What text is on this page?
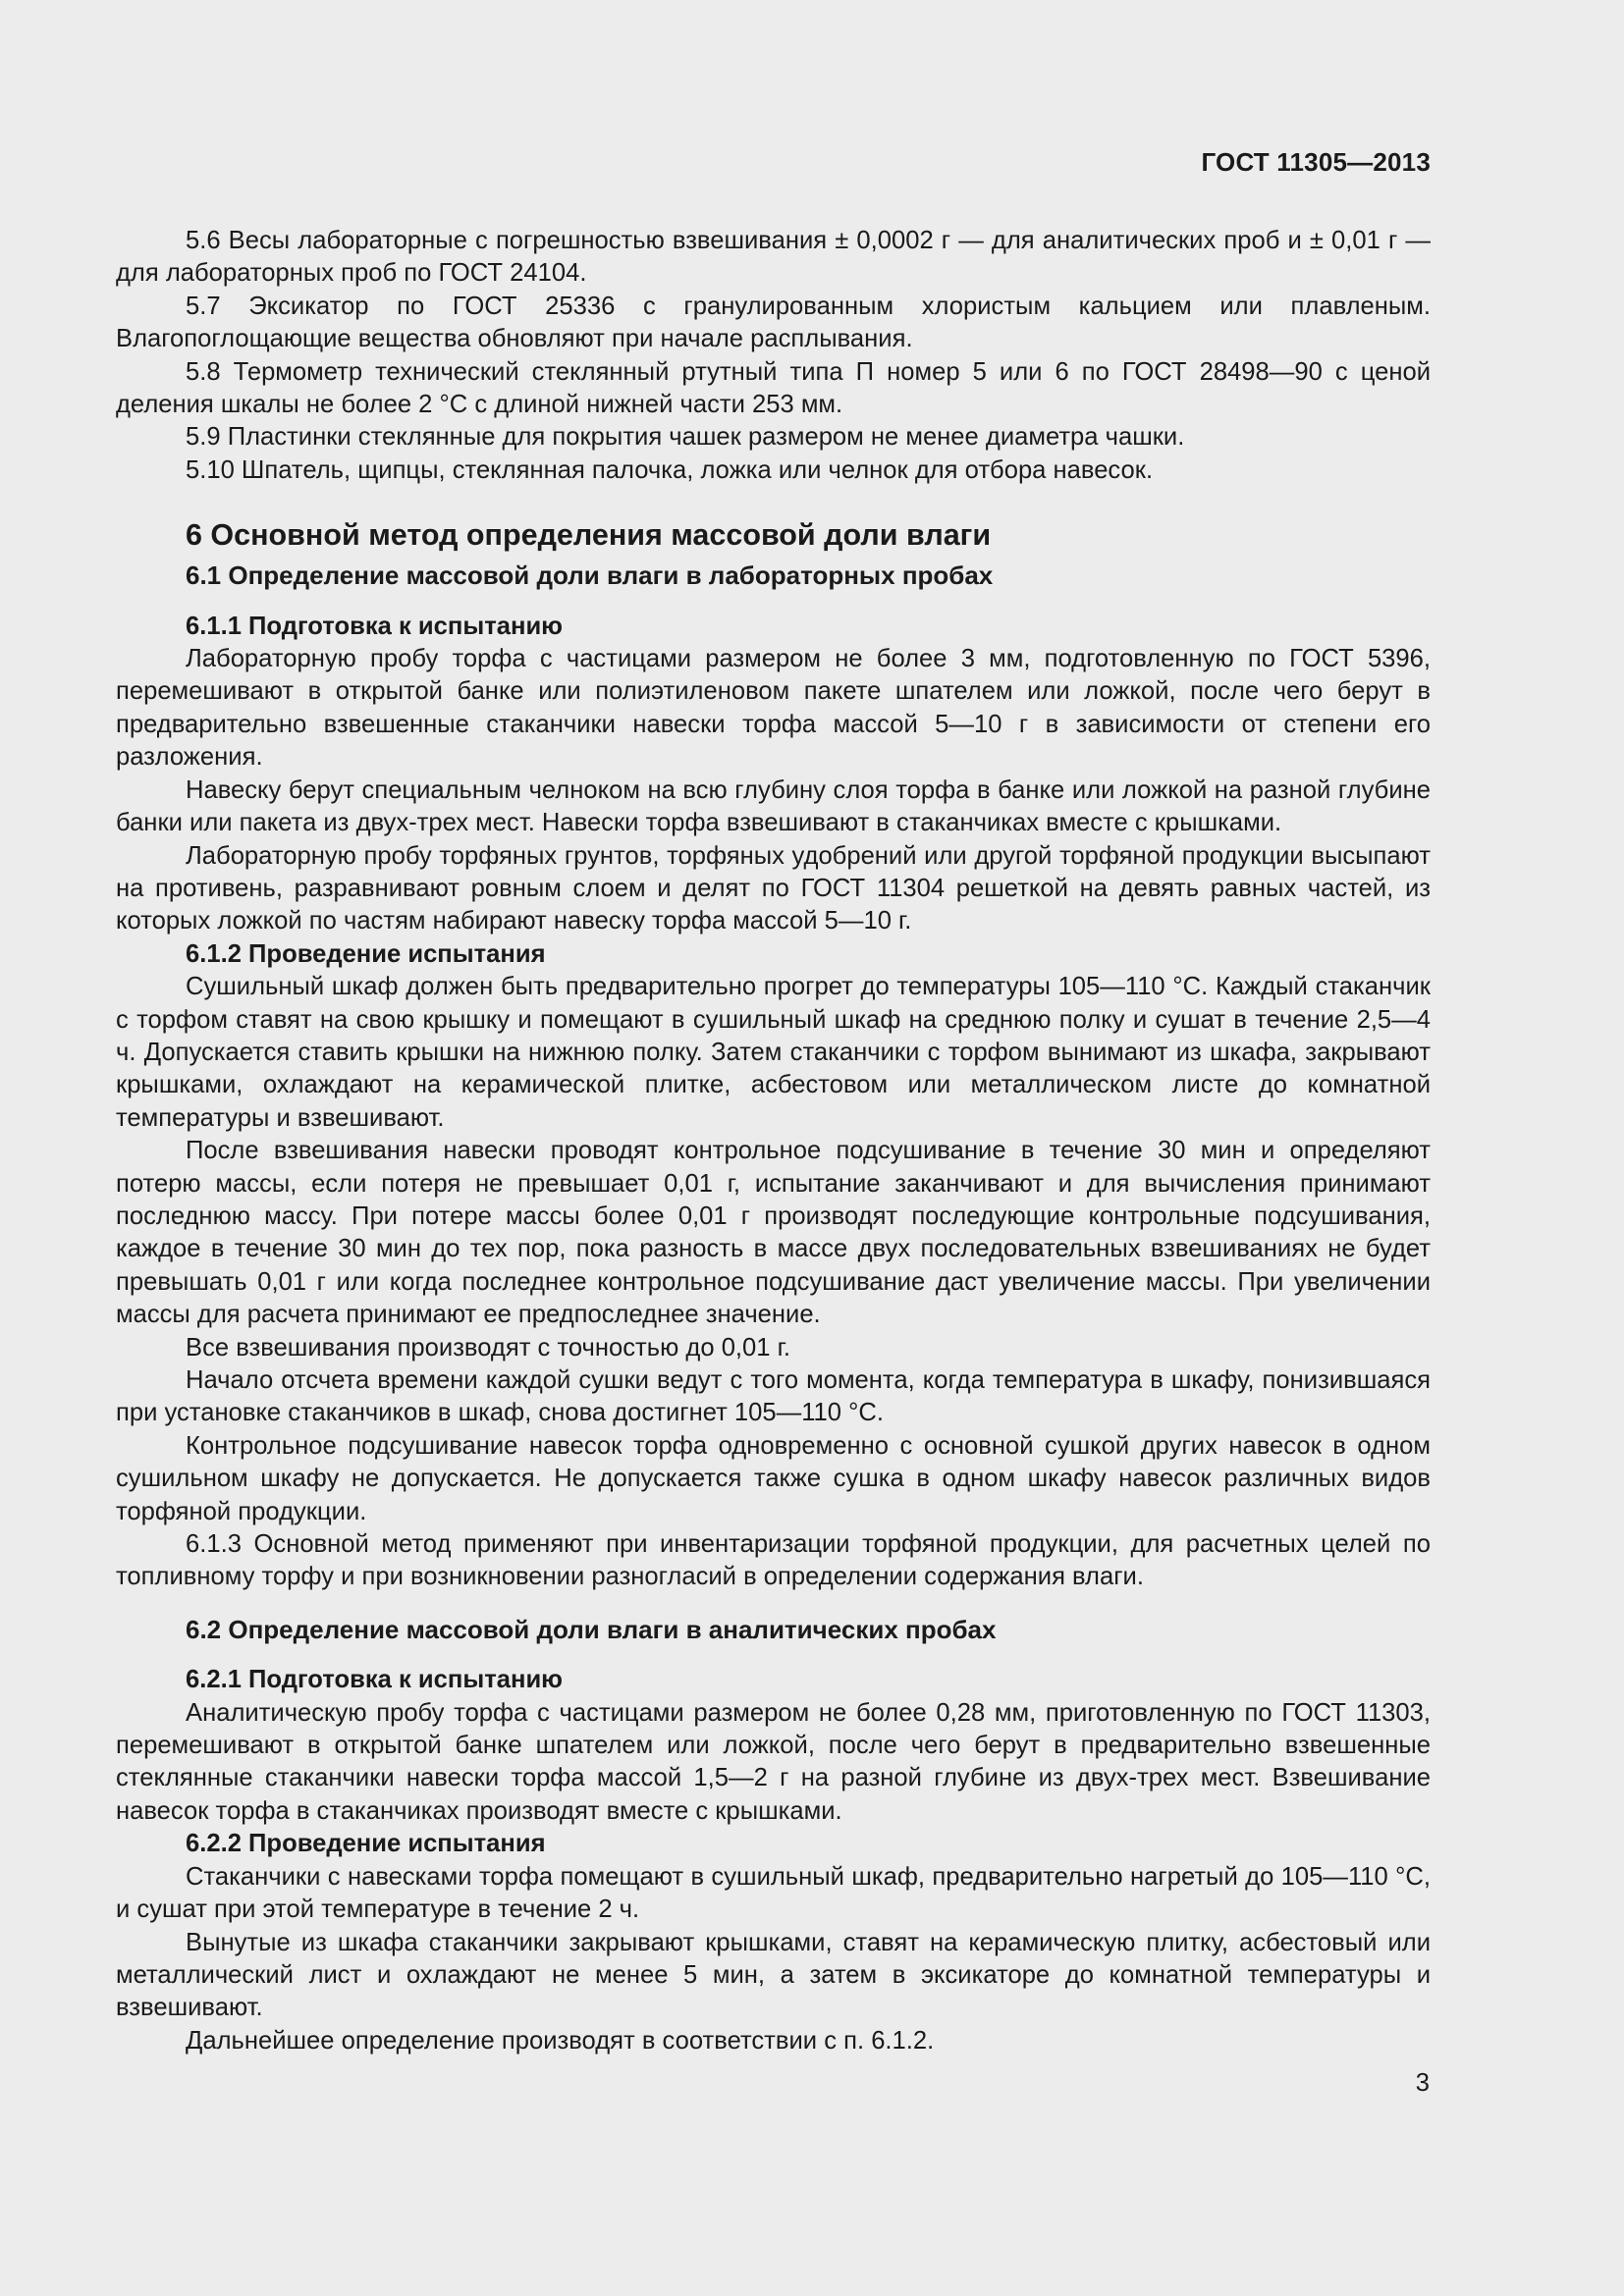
ГОСТ 11305—2013

5.6 Весы лабораторные с погрешностью взвешивания ± 0,0002 г — для аналитических проб и ± 0,01 г — для лабораторных проб по ГОСТ 24104.

5.7 Эксикатор по ГОСТ 25336 с гранулированным хлористым кальцием или плавленым. Влагопоглощающие вещества обновляют при начале расплывания.

5.8 Термометр технический стеклянный ртутный типа П номер 5 или 6 по ГОСТ 28498—90 с ценой деления шкалы не более 2 °С с длиной нижней части 253 мм.

5.9 Пластинки стеклянные для покрытия чашек размером не менее диаметра чашки.

5.10 Шпатель, щипцы, стеклянная палочка, ложка или челнок для отбора навесок.

6 Основной метод определения массовой доли влаги
6.1 Определение массовой доли влаги в лабораторных пробах
6.1.1 Подготовка к испытанию

Лабораторную пробу торфа с частицами размером не более 3 мм, подготовленную по ГОСТ 5396, перемешивают в открытой банке или полиэтиленовом пакете шпателем или ложкой, после чего берут в предварительно взвешенные стаканчики навески торфа массой 5—10 г в зависимости от степени его разложения.

Навеску берут специальным челноком на всю глубину слоя торфа в банке или ложкой на разной глубине банки или пакета из двух-трех мест. Навески торфа взвешивают в стаканчиках вместе с крышками.

Лабораторную пробу торфяных грунтов, торфяных удобрений или другой торфяной продукции высыпают на противень, разравнивают ровным слоем и делят по ГОСТ 11304 решеткой на девять равных частей, из которых ложкой по частям набирают навеску торфа массой 5—10 г.

6.1.2 Проведение испытания

Сушильный шкаф должен быть предварительно прогрет до температуры 105—110 °С. Каждый стаканчик с торфом ставят на свою крышку и помещают в сушильный шкаф на среднюю полку и сушат в течение 2,5—4 ч. Допускается ставить крышки на нижнюю полку. Затем стаканчики с торфом вынимают из шкафа, закрывают крышками, охлаждают на керамической плитке, асбестовом или металлическом листе до комнатной температуры и взвешивают.

После взвешивания навески проводят контрольное подсушивание в течение 30 мин и определяют потерю массы, если потеря не превышает 0,01 г, испытание заканчивают и для вычисления принимают последнюю массу. При потере массы более 0,01 г производят последующие контрольные подсушивания, каждое в течение 30 мин до тех пор, пока разность в массе двух последовательных взвешиваниях не будет превышать 0,01 г или когда последнее контрольное подсушивание даст увеличение массы. При увеличении массы для расчета принимают ее предпоследнее значение.

Все взвешивания производят с точностью до 0,01 г.

Начало отсчета времени каждой сушки ведут с того момента, когда температура в шкафу, понизившаяся при установке стаканчиков в шкаф, снова достигнет 105—110 °С.

Контрольное подсушивание навесок торфа одновременно с основной сушкой других навесок в одном сушильном шкафу не допускается. Не допускается также сушка в одном шкафу навесок различных видов торфяной продукции.

6.1.3 Основной метод применяют при инвентаризации торфяной продукции, для расчетных целей по топливному торфу и при возникновении разногласий в определении содержания влаги.

6.2 Определение массовой доли влаги в аналитических пробах
6.2.1 Подготовка к испытанию

Аналитическую пробу торфа с частицами размером не более 0,28 мм, приготовленную по ГОСТ 11303, перемешивают в открытой банке шпателем или ложкой, после чего берут в предварительно взвешенные стеклянные стаканчики навески торфа массой 1,5—2 г на разной глубине из двух-трех мест. Взвешивание навесок торфа в стаканчиках производят вместе с крышками.

6.2.2 Проведение испытания

Стаканчики с навесками торфа помещают в сушильный шкаф, предварительно нагретый до 105—110 °С, и сушат при этой температуре в течение 2 ч.

Вынутые из шкафа стаканчики закрывают крышками, ставят на керамическую плитку, асбестовый или металлический лист и охлаждают не менее 5 мин, а затем в эксикаторе до комнатной температуры и взвешивают.

Дальнейшее определение производят в соответствии с п. 6.1.2.

3
